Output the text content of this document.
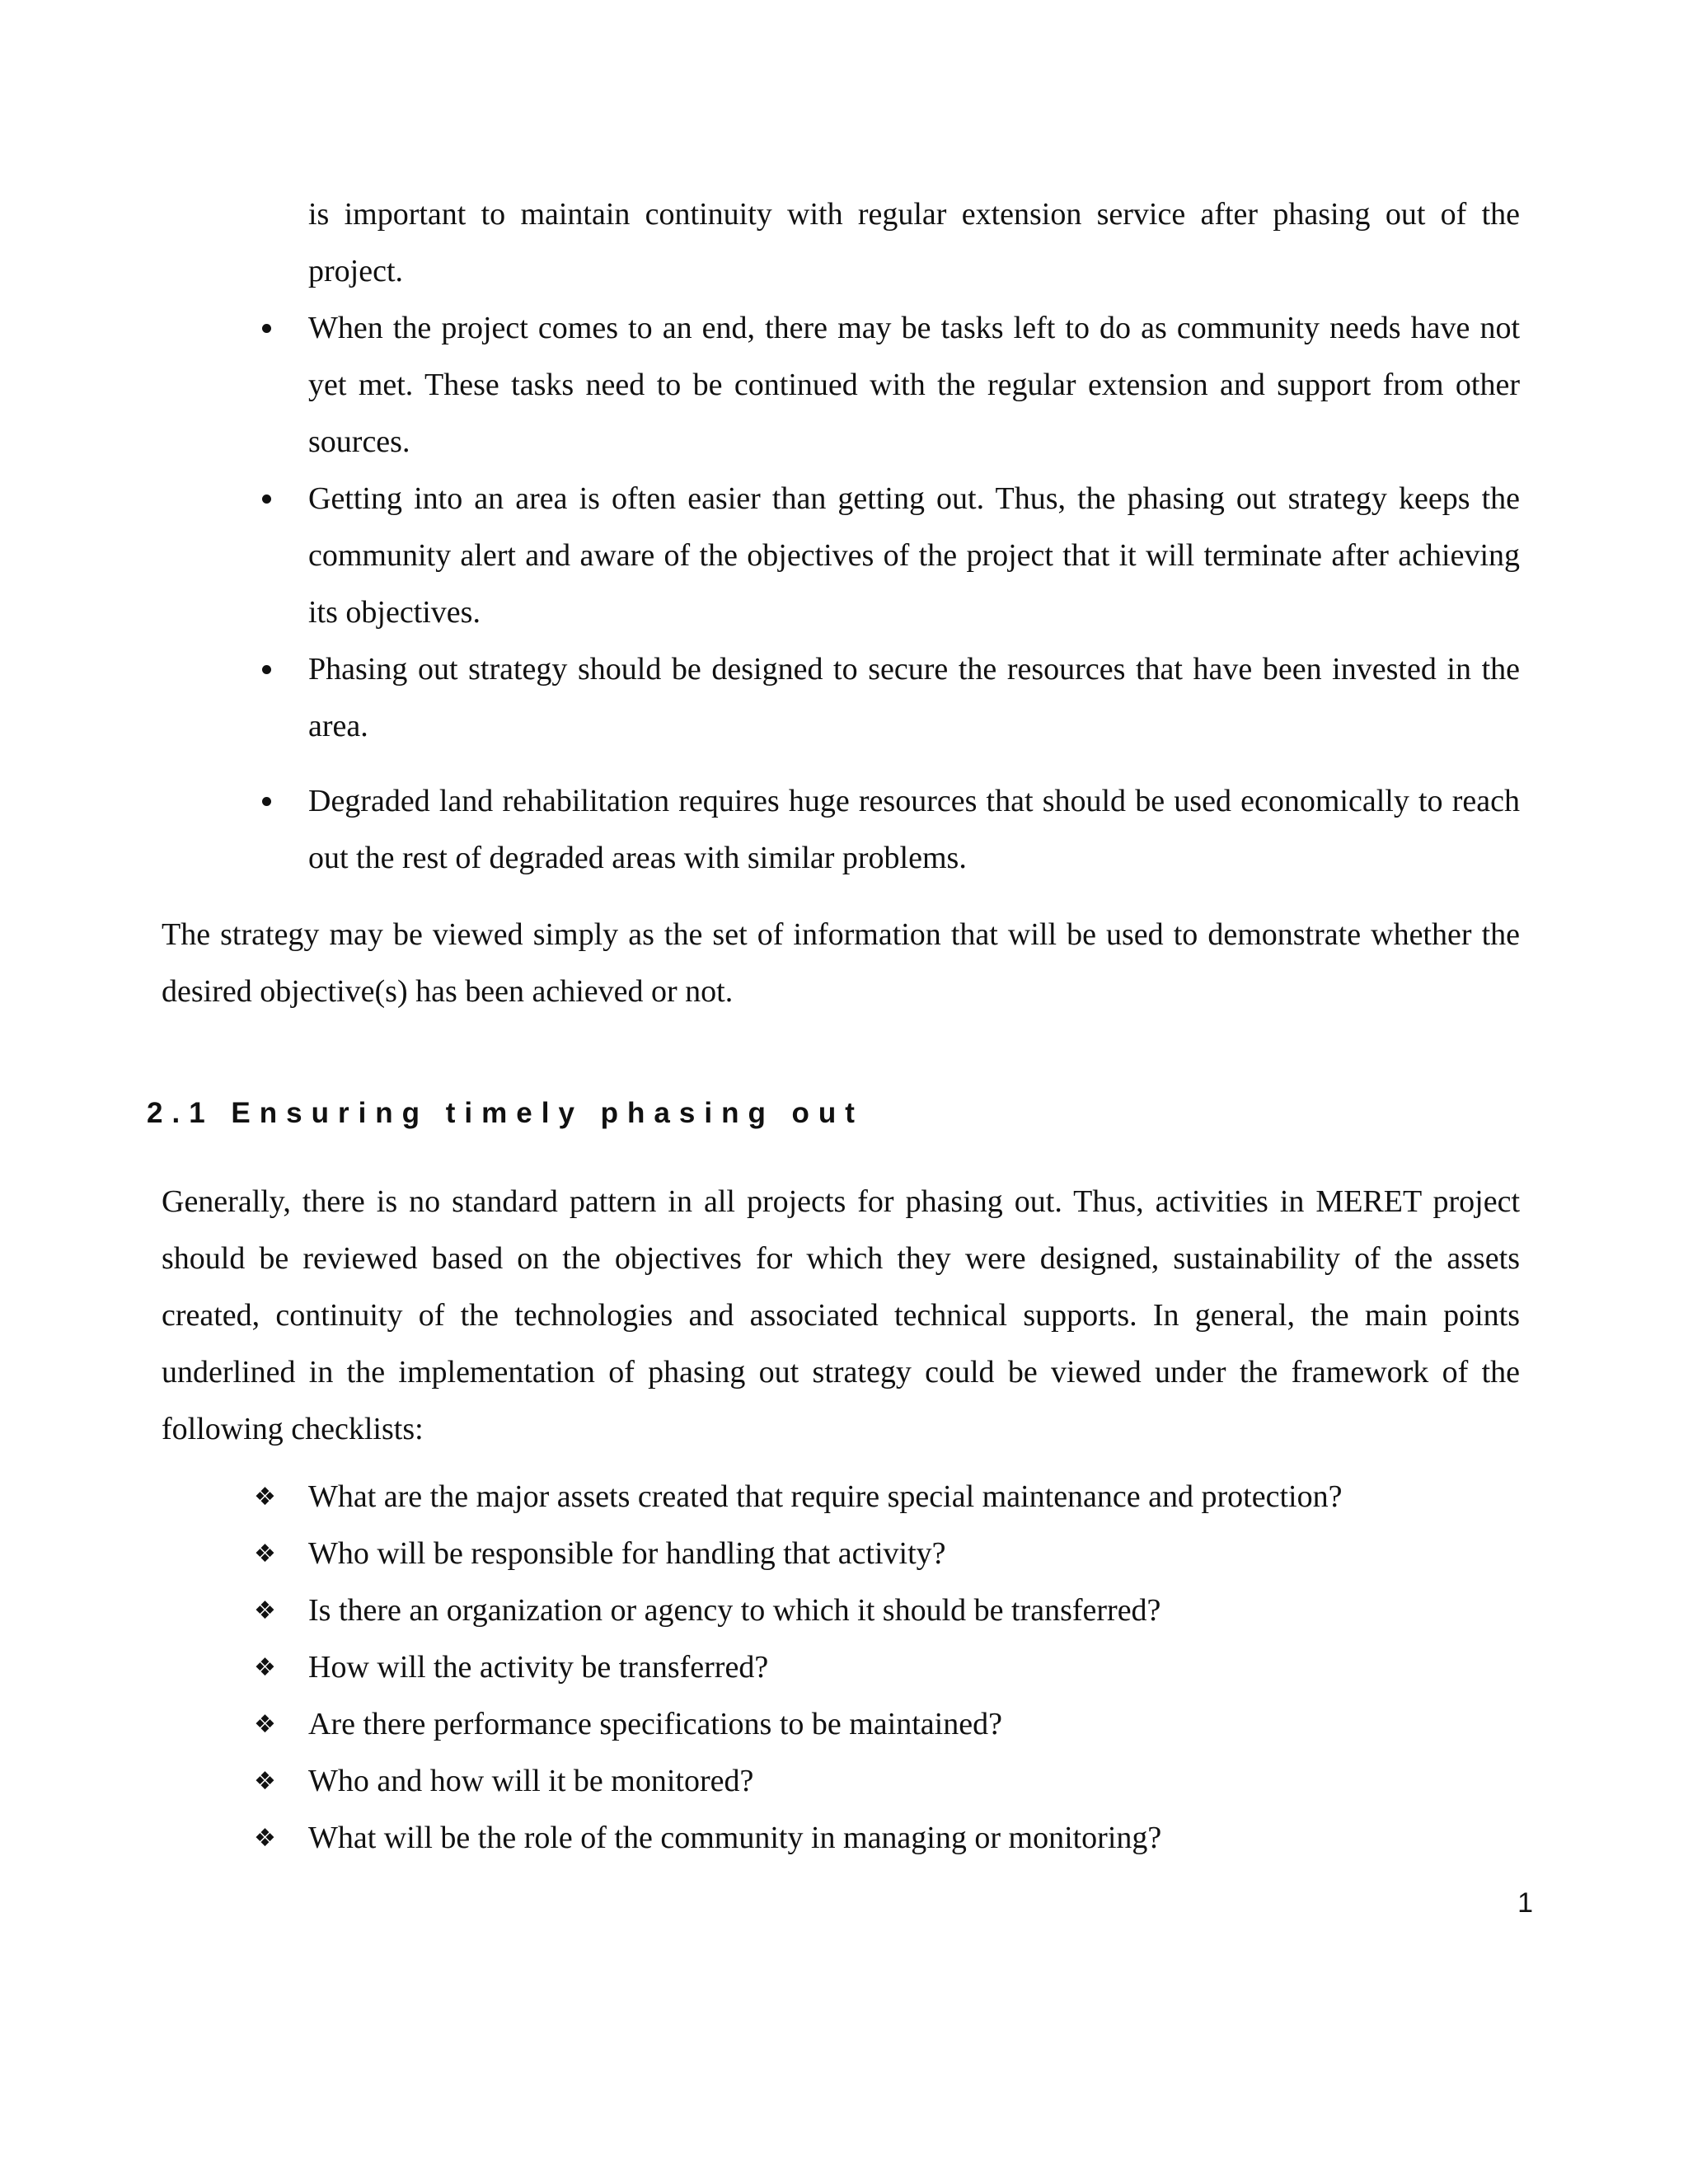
is important to maintain continuity with regular extension service after phasing out of the project.

When the project comes to an end, there may be tasks left to do as community needs have not yet met. These tasks need to be continued with the regular extension and support from other sources.
Getting into an area is often easier than getting out. Thus, the phasing out strategy keeps the community alert and aware of the objectives of the project that it will terminate after achieving its objectives.
Phasing out strategy should be designed to secure the resources that have been invested in the area.
Degraded land rehabilitation requires huge resources that should be used economically to reach out the rest of degraded areas with similar problems.

The strategy may be viewed simply as the set of information that will be used to demonstrate whether the desired objective(s) has been achieved or not.

2.1 Ensuring timely phasing out

Generally, there is no standard pattern in all projects for phasing out. Thus, activities in MERET project should be reviewed based on the objectives for which they were designed, sustainability of the assets created, continuity of the technologies and associated technical supports. In general, the main points underlined in the implementation of phasing out strategy could be viewed under the framework of the following checklists:

❖ What are the major assets created that require special maintenance and protection?
❖ Who will be responsible for handling that activity?
❖ Is there an organization or agency to which it should be transferred?
❖ How will the activity be transferred?
❖ Are there performance specifications to be maintained?
❖ Who and how will it be monitored?
❖ What will be the role of the community in managing or monitoring?
1
